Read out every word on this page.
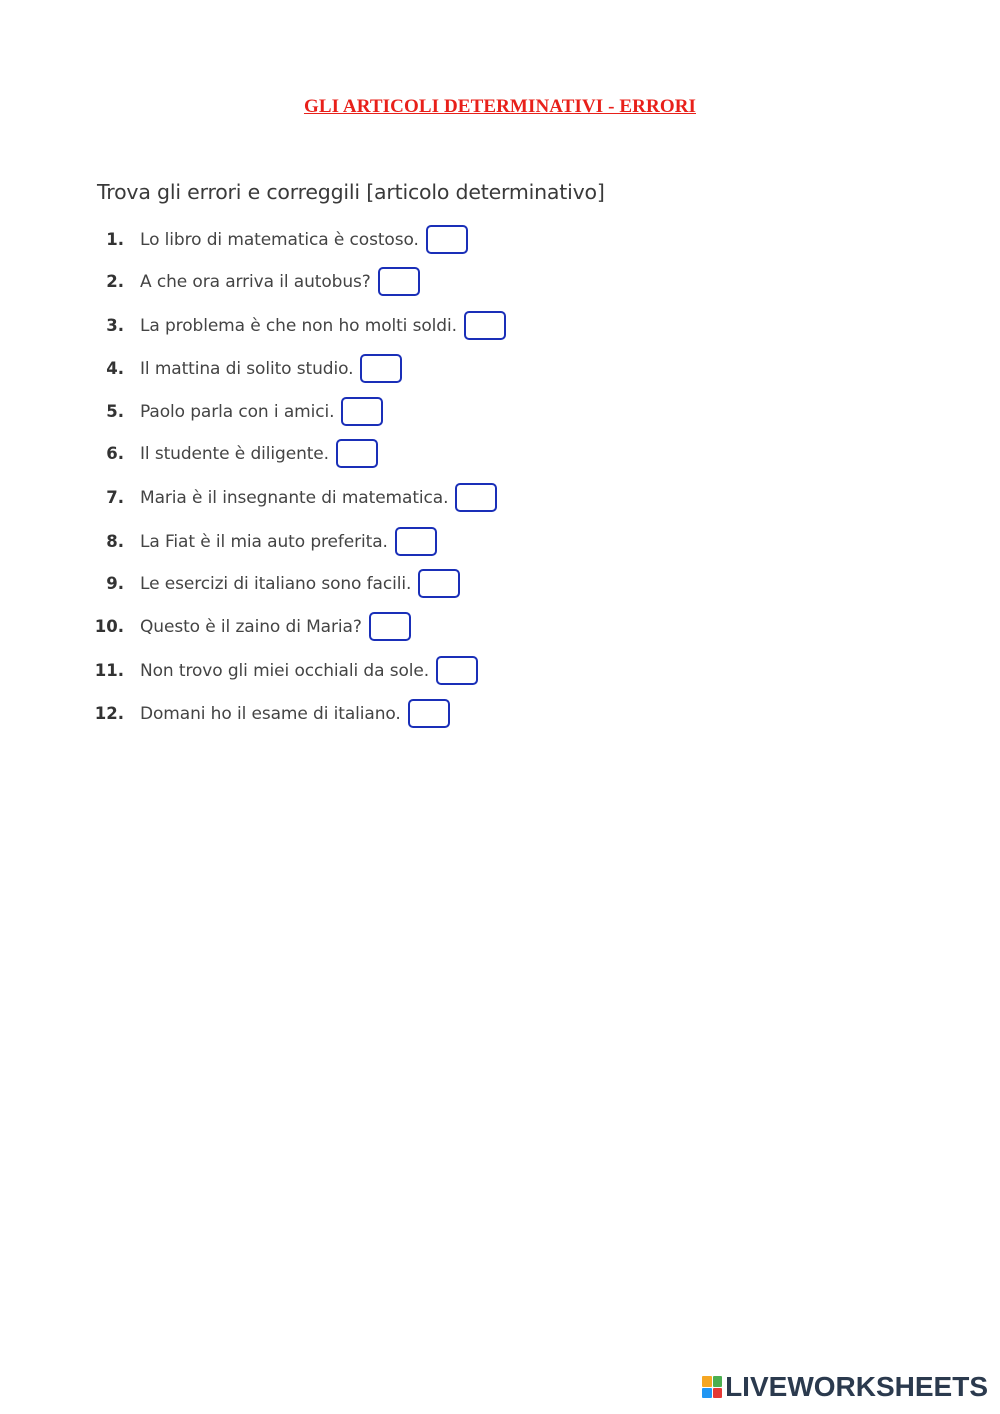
GLI ARTICOLI DETERMINATIVI - ERRORI
Trova gli errori e correggili [articolo determinativo]
1. Lo libro di matematica è costoso.
2. A che ora arriva il autobus?
3. La problema è che non ho molti soldi.
4. Il mattina di solito studio.
5. Paolo parla con i amici.
6. Il studente è diligente.
7. Maria è il insegnante di matematica.
8. La Fiat è il mia auto preferita.
9. Le esercizi di italiano sono facili.
10. Questo è il zaino di Maria?
11. Non trovo gli miei occhiali da sole.
12. Domani ho il esame di italiano.
LIVEWORKSHEETS
